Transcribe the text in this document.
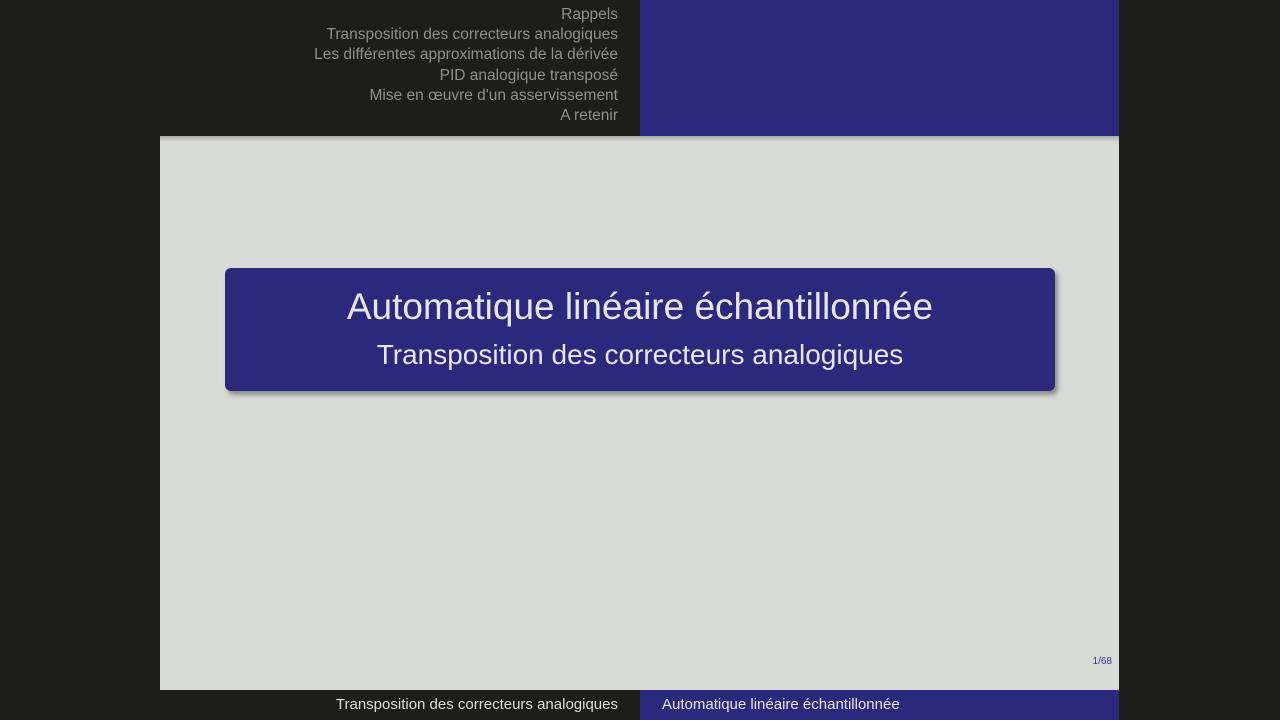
Rappels
Transposition des correcteurs analogiques
Les différentes approximations de la dérivée
PID analogique transposé
Mise en œuvre d'un asservissement
A retenir
Automatique linéaire échantillonnée
Transposition des correcteurs analogiques
1/68
Transposition des correcteurs analogiques	Automatique linéaire échantillonnée
